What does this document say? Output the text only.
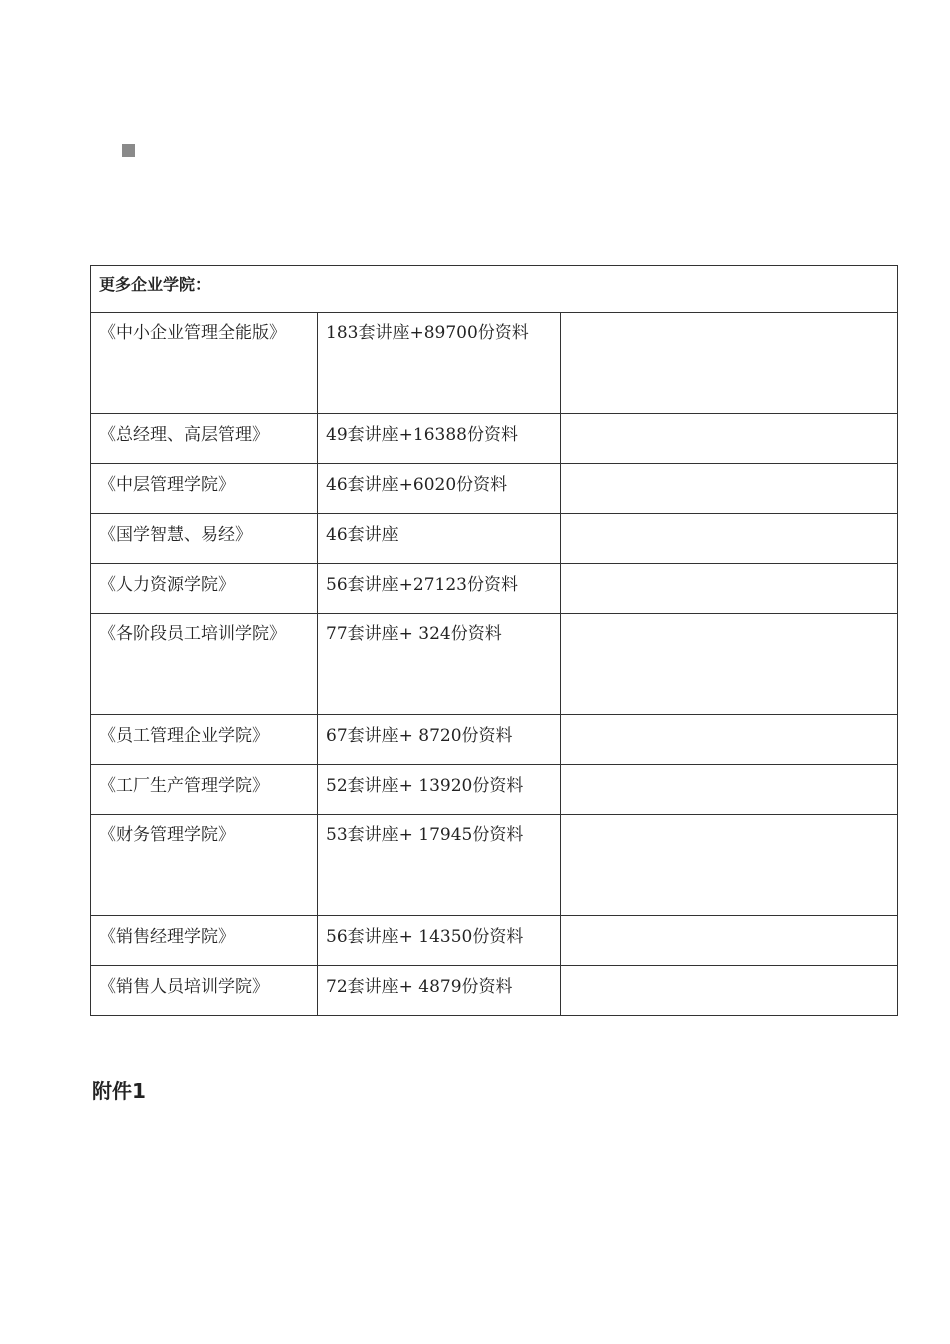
更多企业学院：		

《中小企业管理全能版》	183套讲座+89700份资料	

《总经理、高层管理》	49套讲座+16388份资料	
《中层管理学院》	46套讲座+6020份资料	
《国学智慧、易经》	46套讲座	
《人力资源学院》	56套讲座+27123份资料	

《各阶段员工培训学院》	77套讲座+ 324份资料	

《员工管理企业学院》	67套讲座+ 8720份资料	
《工厂生产管理学院》	52套讲座+ 13920份资料	

《财务管理学院》	53套讲座+ 17945份资料	

《销售经理学院》	56套讲座+ 14350份资料	
《销售人员培训学院》	72套讲座+ 4879份资料	
附件1
